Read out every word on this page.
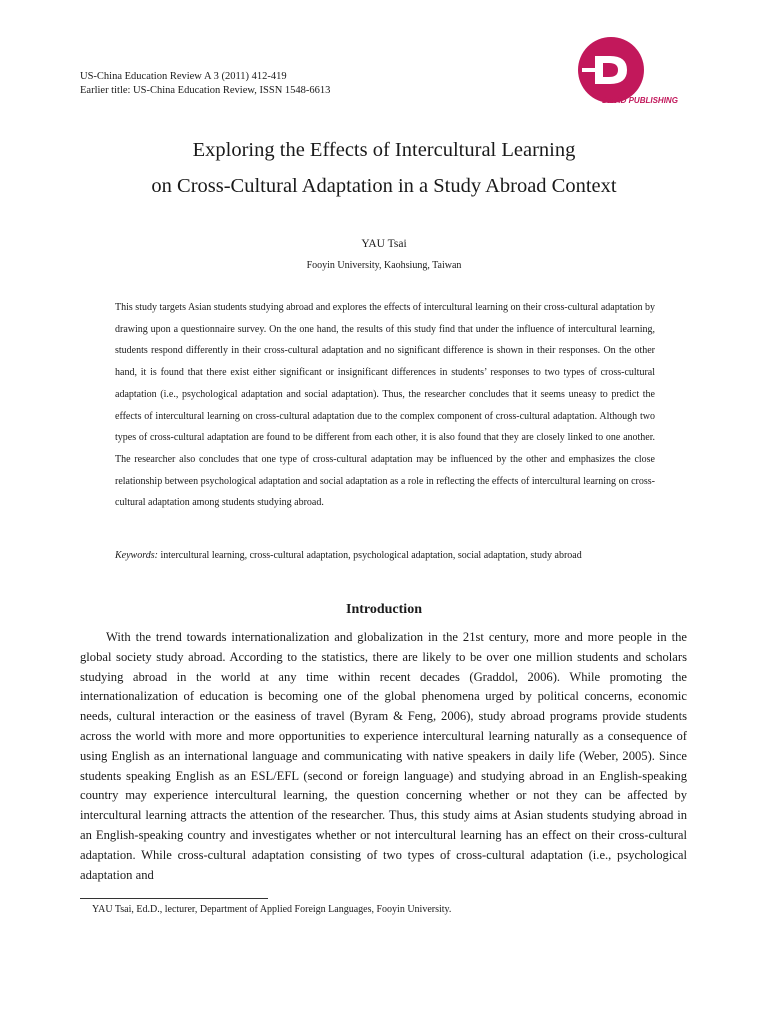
US-China Education Review A 3 (2011) 412-419
Earlier title: US-China Education Review, ISSN 1548-6613
DAVID PUBLISHING
Exploring the Effects of Intercultural Learning
on Cross-Cultural Adaptation in a Study Abroad Context
YAU Tsai
Fooyin University, Kaohsiung, Taiwan
This study targets Asian students studying abroad and explores the effects of intercultural learning on their cross-cultural adaptation by drawing upon a questionnaire survey. On the one hand, the results of this study find that under the influence of intercultural learning, students respond differently in their cross-cultural adaptation and no significant difference is shown in their responses. On the other hand, it is found that there exist either significant or insignificant differences in students’ responses to two types of cross-cultural adaptation (i.e., psychological adaptation and social adaptation). Thus, the researcher concludes that it seems uneasy to predict the effects of intercultural learning on cross-cultural adaptation due to the complex component of cross-cultural adaptation. Although two types of cross-cultural adaptation are found to be different from each other, it is also found that they are closely linked to one another. The researcher also concludes that one type of cross-cultural adaptation may be influenced by the other and emphasizes the close relationship between psychological adaptation and social adaptation as a role in reflecting the effects of intercultural learning on cross-cultural adaptation among students studying abroad.
Keywords: intercultural learning, cross-cultural adaptation, psychological adaptation, social adaptation, study abroad
Introduction

With the trend towards internationalization and globalization in the 21st century, more and more people in the global society study abroad. According to the statistics, there are likely to be over one million students and scholars studying abroad in the world at any time within recent decades (Graddol, 2006). While promoting the internationalization of education is becoming one of the global phenomena urged by political concerns, economic needs, cultural interaction or the easiness of travel (Byram & Feng, 2006), study abroad programs provide students across the world with more and more opportunities to experience intercultural learning naturally as a consequence of using English as an international language and communicating with native speakers in daily life (Weber, 2005). Since students speaking English as an ESL/EFL (second or foreign language) and studying abroad in an English-speaking country may experience intercultural learning, the question concerning whether or not they can be affected by intercultural learning attracts the attention of the researcher. Thus, this study aims at Asian students studying abroad in an English-speaking country and investigates whether or not intercultural learning has an effect on their cross-cultural adaptation. While cross-cultural adaptation consisting of two types of cross-cultural adaptation (i.e., psychological adaptation and

YAU Tsai, Ed.D., lecturer, Department of Applied Foreign Languages, Fooyin University.
